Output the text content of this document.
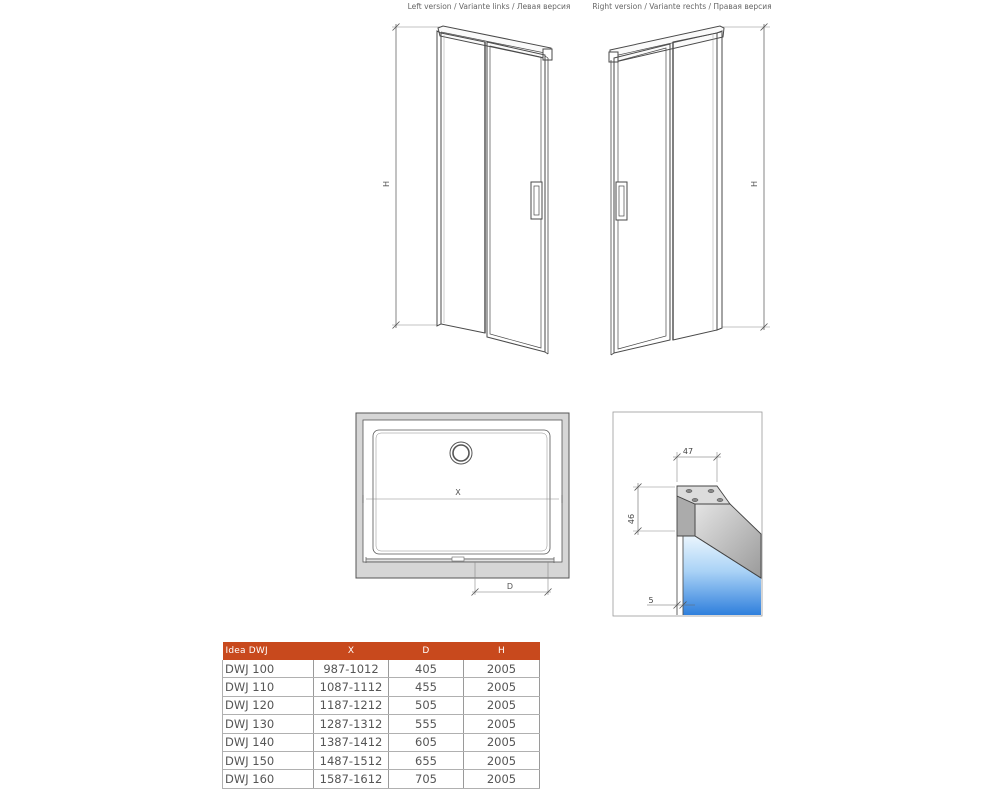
Left version / Variante links / Левая версия	Right version / Variante rechts / Правая версия
H	H
X
D
47
46
5
Idea DWJ	X	D	H
DWJ 100	987-1012	405	2005
DWJ 110	1087-1112	455	2005
DWJ 120	1187-1212	505	2005
DWJ 130	1287-1312	555	2005
DWJ 140	1387-1412	605	2005
DWJ 150	1487-1512	655	2005
DWJ 160	1587-1612	705	2005
